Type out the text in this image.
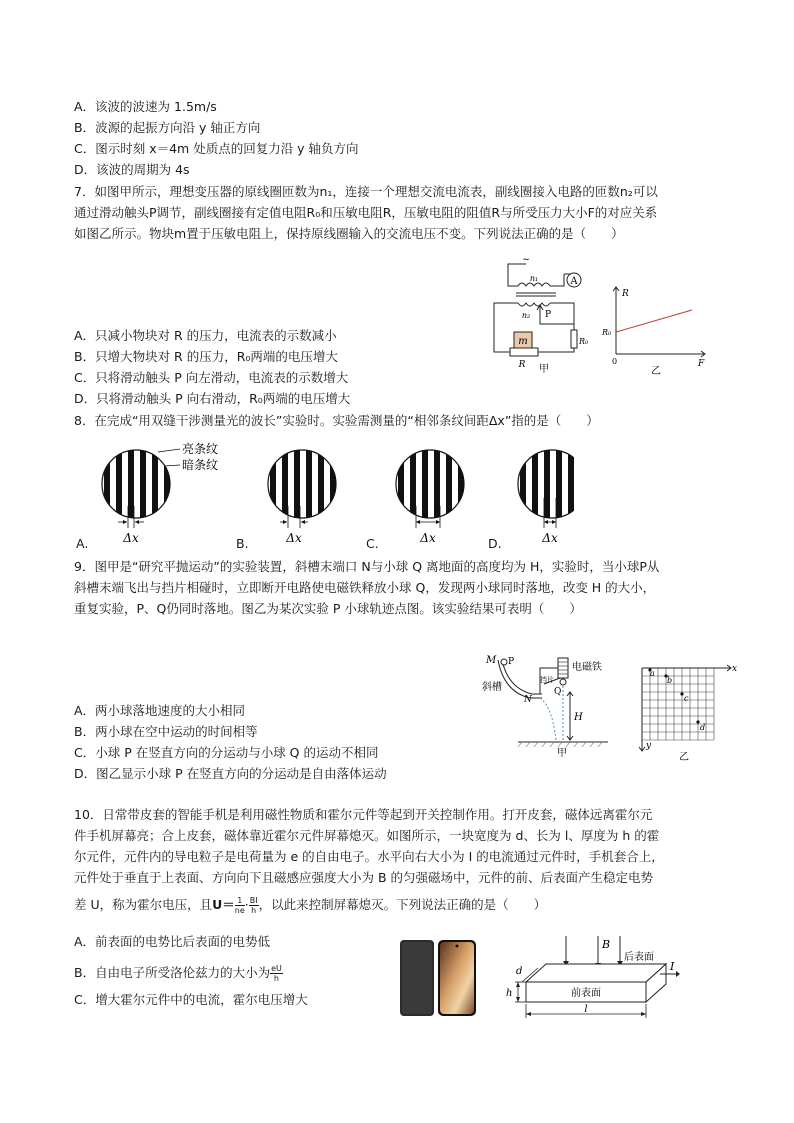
A．该波的波速为 1.5m/s
B．波源的起振方向沿 y 轴正方向
C．图示时刻 x＝4m 处质点的回复力沿 y 轴负方向
D．该波的周期为 4s
7．如图甲所示，理想变压器的原线圈匝数为n₁，连接一个理想交流电流表，副线圈接入电路的匝数n₂可以
通过滑动触头P调节，副线圈接有定值电阻R₀和压敏电阻R，压敏电阻的阻值R与所受压力大小F的对应关系
如图乙所示。物块m置于压敏电阻上，保持原线圈输入的交流电压不变。下列说法正确的是（　　）
A．只减小物块对 R 的压力，电流表的示数减小
B．只增大物块对 R 的压力，R₀两端的电压增大
C．只将滑动触头 P 向左滑动，电流表的示数增大
D．只将滑动触头 P 向右滑动，R₀两端的电压增大
A
m
~
n₁
n₂ P
R₀
R 甲
R
R₀
0	F
乙
8．在完成“用双缝干涉测量光的波长”实验时。实验需测量的“相邻条纹间距Δx”指的是（　　）
亮条纹
暗条纹
Δx	Δx	Δx	Δx
A.	B.	C.	D.
9．图甲是“研究平抛运动”的实验装置，斜槽末端口 N与小球 Q 离地面的高度均为 H，实验时，当小球P从
斜槽末端飞出与挡片相碰时，立即断开电路使电磁铁释放小球 Q，发现两小球同时落地，改变 H 的大小，
重复实验，P、Q仍同时落地。图乙为某次实验 P 小球轨迹点图。该实验结果可表明（　　）
A．两小球落地速度的大小相同
B．两小球在空中运动的时间相等
C．小球 P 在竖直方向的分运动与小球 Q 的运动不相同
D．图乙显示小球 P 在竖直方向的分运动是自由落体运动
M P	电磁铁
挡片
斜槽
N
Q
H
甲
x
y
a
b
c
d
乙
10．日常带皮套的智能手机是利用磁性物质和霍尔元件等起到开关控制作用。打开皮套，磁体远离霍尔元
件手机屏幕亮；合上皮套，磁体靠近霍尔元件屏幕熄灭。如图所示，一块宽度为 d、长为 l、厚度为 h 的霍
尔元件，元件内的导电粒子是电荷量为 e 的自由电子。水平向右大小为 I 的电流通过元件时，手机套合上，
元件处于垂直于上表面、方向向下且磁感应强度大小为 B 的匀强磁场中，元件的前、后表面产生稳定电势
差 U，称为霍尔电压，且$U= \frac{1}{ne} \cdot \frac{BI}{h}$ ，以此来控制屏幕熄灭。下列说法正确的是（　　）
A．前表面的电势比后表面的电势低
B．自由电子所受洛伦兹力的大小为 $\frac{eU}{h}$
C．增大霍尔元件中的电流，霍尔电压增大
·
B
后表面
前表面
I
d
h
l
